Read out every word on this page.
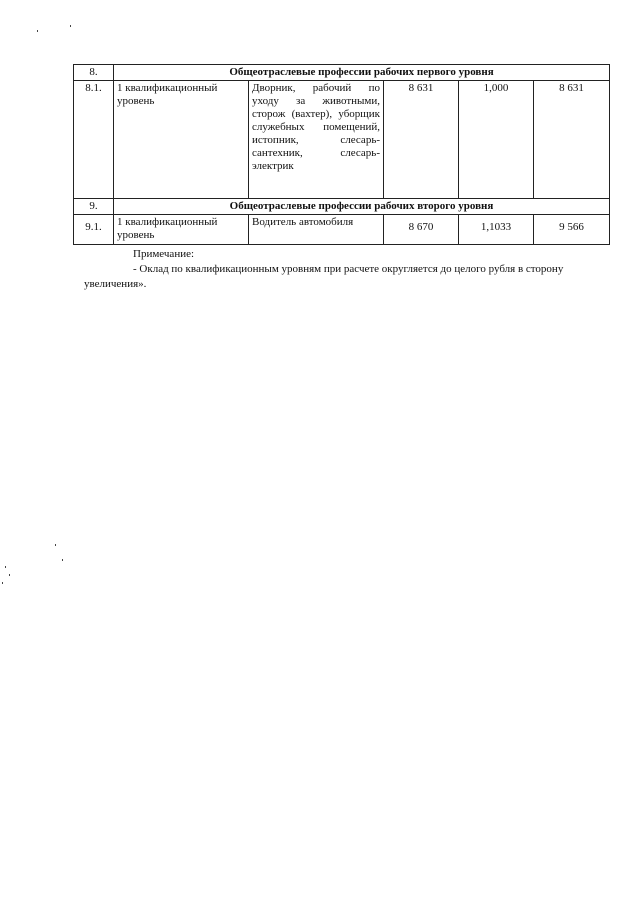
8.	Общеотраслевые профессии рабочих первого уровня				
8.1.	1 квалификационный уровень	Дворник, рабочий по уходу за животными, сторож (вахтер), уборщик служебных помещений, истопник, слесарь-сантехник, слесарь-электрик	8 631	1,000	8 631
9.	Общеотраслевые профессии рабочих второго уровня				
9.1.	1 квалификационный уровень	Водитель автомобиля	8 670	1,1033	9 566
Примечание:
- Оклад по квалификационным уровням при расчете округляется до целого рубля в сторону увеличения».
